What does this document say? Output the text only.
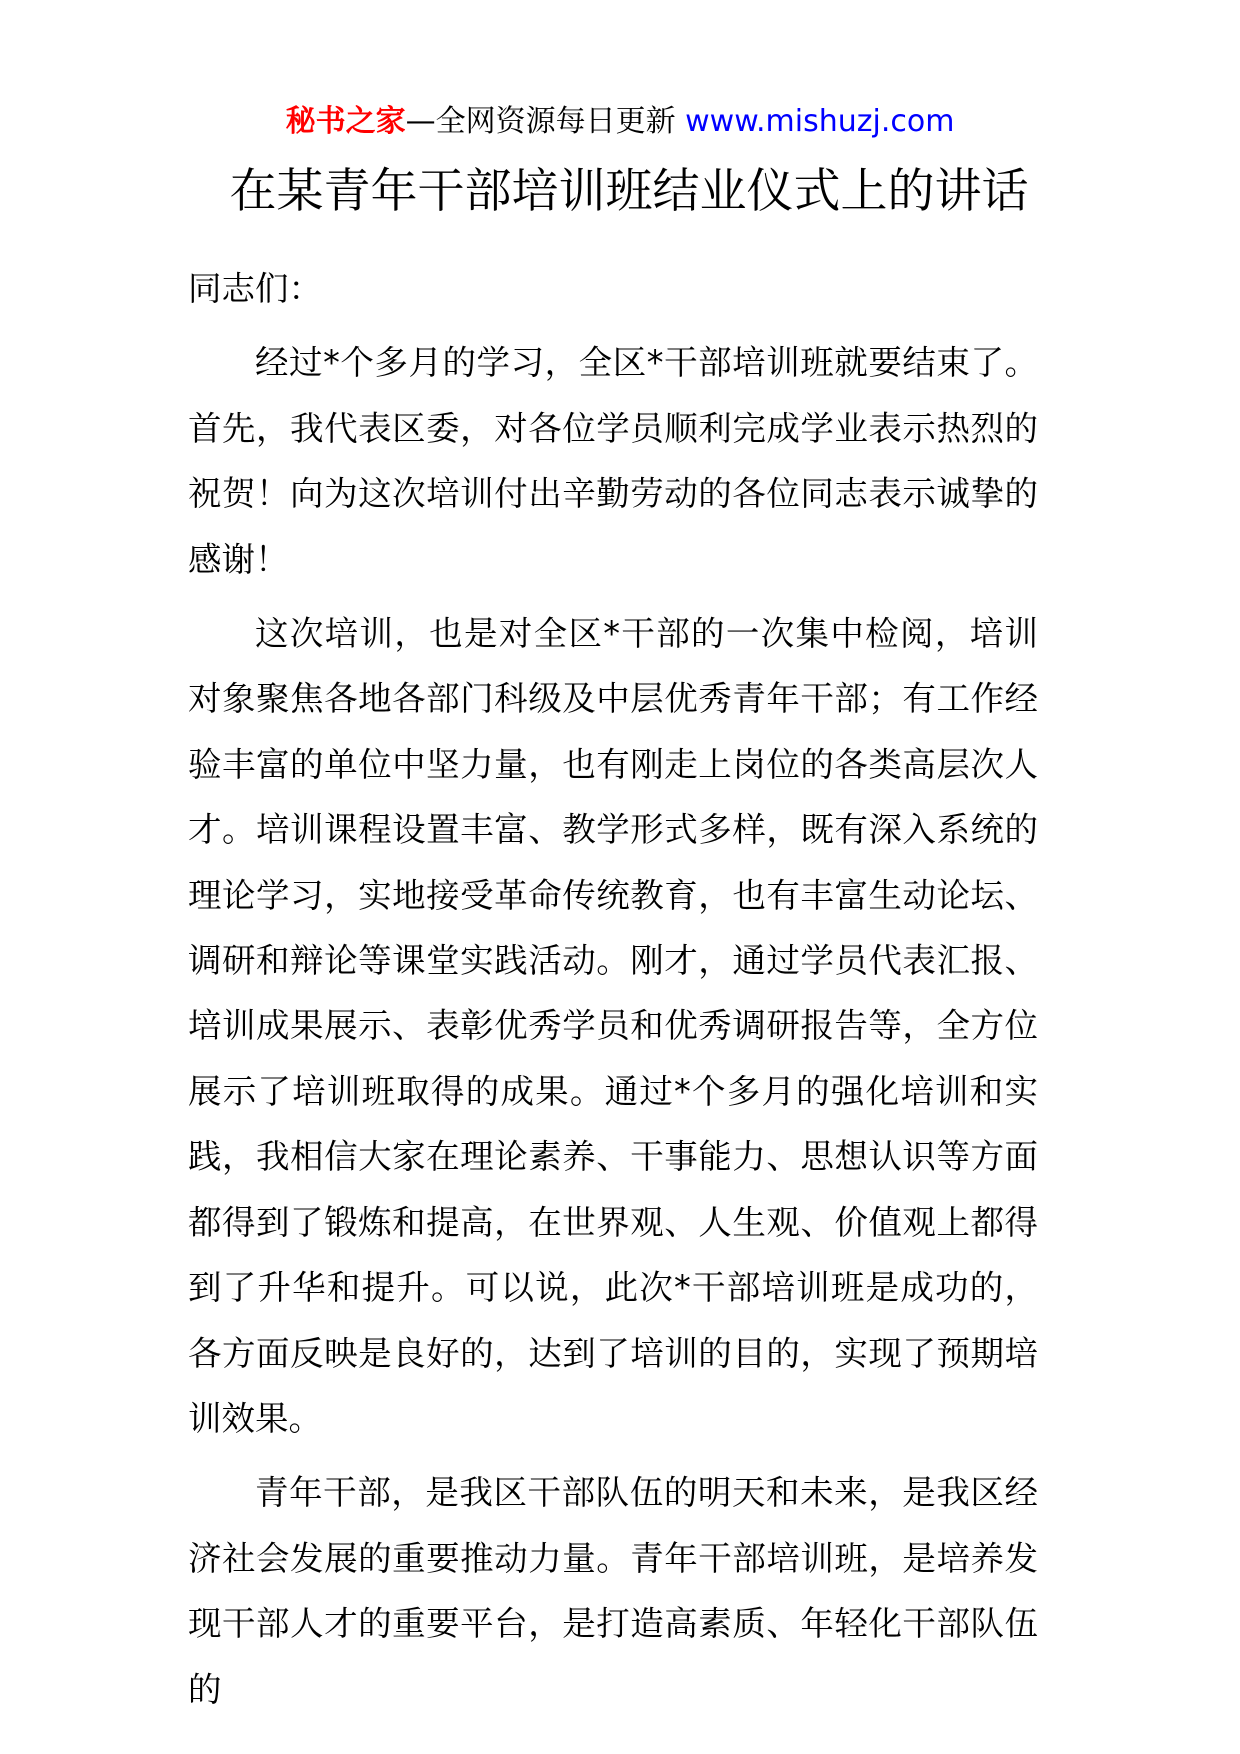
秘书之家—全网资源每日更新 www.mishuzj.com
在某青年干部培训班结业仪式上的讲话

同志们：

经过*个多月的学习，全区*干部培训班就要结束了。首先，我代表区委，对各位学员顺利完成学业表示热烈的祝贺！向为这次培训付出辛勤劳动的各位同志表示诚挚的感谢！

这次培训，也是对全区*干部的一次集中检阅，培训对象聚焦各地各部门科级及中层优秀青年干部；有工作经验丰富的单位中坚力量，也有刚走上岗位的各类高层次人才。培训课程设置丰富、教学形式多样，既有深入系统的理论学习，实地接受革命传统教育，也有丰富生动论坛、调研和辩论等课堂实践活动。刚才，通过学员代表汇报、培训成果展示、表彰优秀学员和优秀调研报告等，全方位展示了培训班取得的成果。通过*个多月的强化培训和实践，我相信大家在理论素养、干事能力、思想认识等方面都得到了锻炼和提高，在世界观、人生观、价值观上都得到了升华和提升。可以说，此次*干部培训班是成功的，各方面反映是良好的，达到了培训的目的，实现了预期培训效果。

青年干部，是我区干部队伍的明天和未来，是我区经济社会发展的重要推动力量。青年干部培训班，是培养发现干部人才的重要平台，是打造高素质、年轻化干部队伍的
